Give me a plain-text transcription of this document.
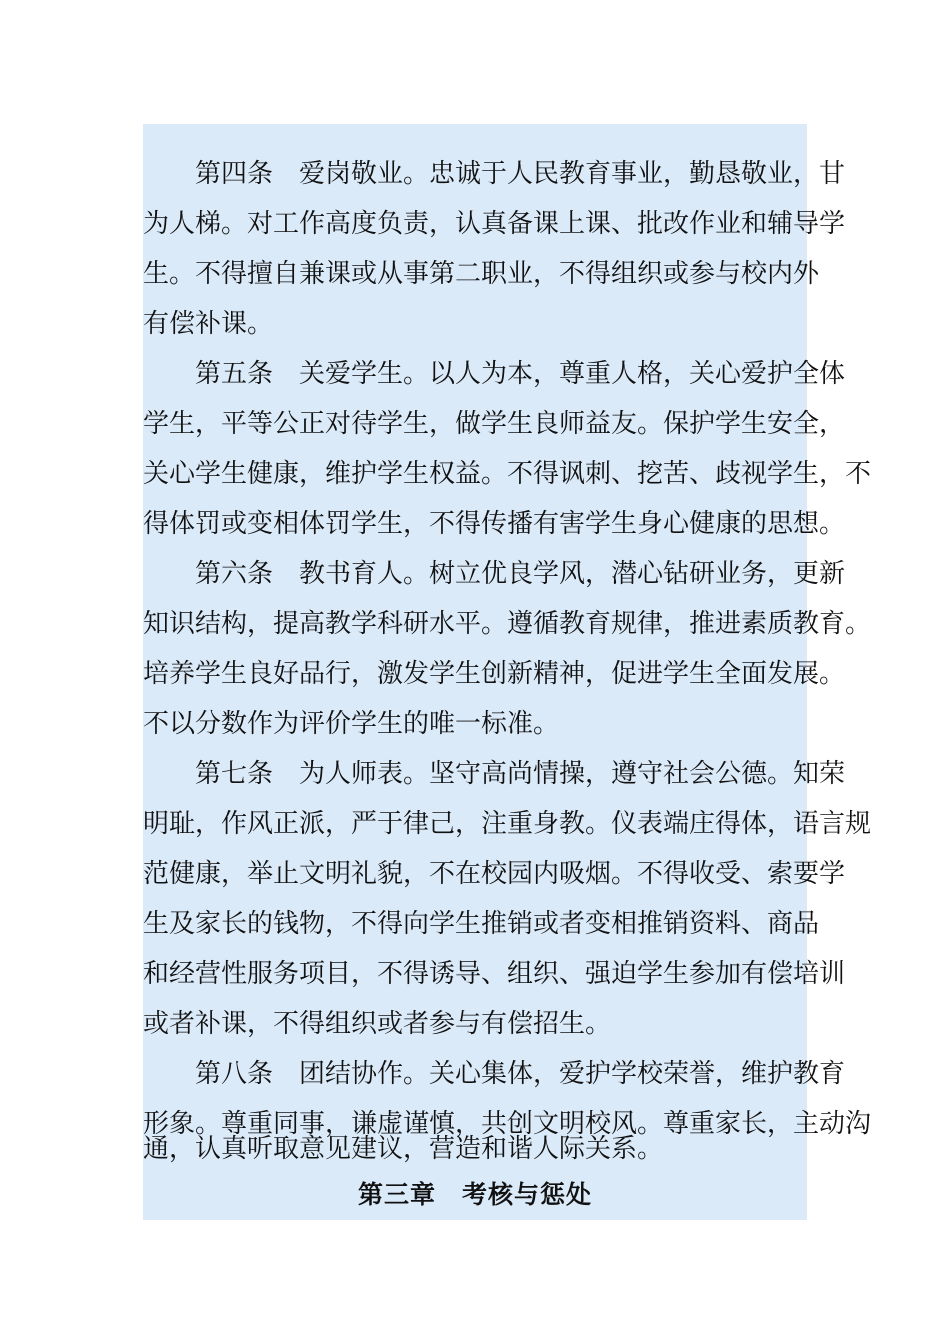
第四条　爱岗敬业。忠诚于人民教育事业，勤恳敬业，甘
为人梯。对工作高度负责，认真备课上课、批改作业和辅导学
生。不得擅自兼课或从事第二职业，不得组织或参与校内外
有偿补课。
第五条　关爱学生。以人为本，尊重人格，关心爱护全体
学生，平等公正对待学生，做学生良师益友。保护学生安全，
关心学生健康，维护学生权益。不得讽刺、挖苦、歧视学生，不
得体罚或变相体罚学生，不得传播有害学生身心健康的思想。
第六条　教书育人。树立优良学风，潜心钻研业务，更新
知识结构，提高教学科研水平。遵循教育规律，推进素质教育。
培养学生良好品行，激发学生创新精神，促进学生全面发展。
不以分数作为评价学生的唯一标准。
第七条　为人师表。坚守高尚情操，遵守社会公德。知荣
明耻，作风正派，严于律己，注重身教。仪表端庄得体，语言规
范健康，举止文明礼貌，不在校园内吸烟。不得收受、索要学
生及家长的钱物，不得向学生推销或者变相推销资料、商品
和经营性服务项目，不得诱导、组织、强迫学生参加有偿培训
或者补课，不得组织或者参与有偿招生。
第八条　团结协作。关心集体，爱护学校荣誉，维护教育
形象。尊重同事，谦虚谨慎，共创文明校风。尊重家长，主动沟
第三章　考核与惩处
通，认真听取意见建议，营造和谐人际关系。
